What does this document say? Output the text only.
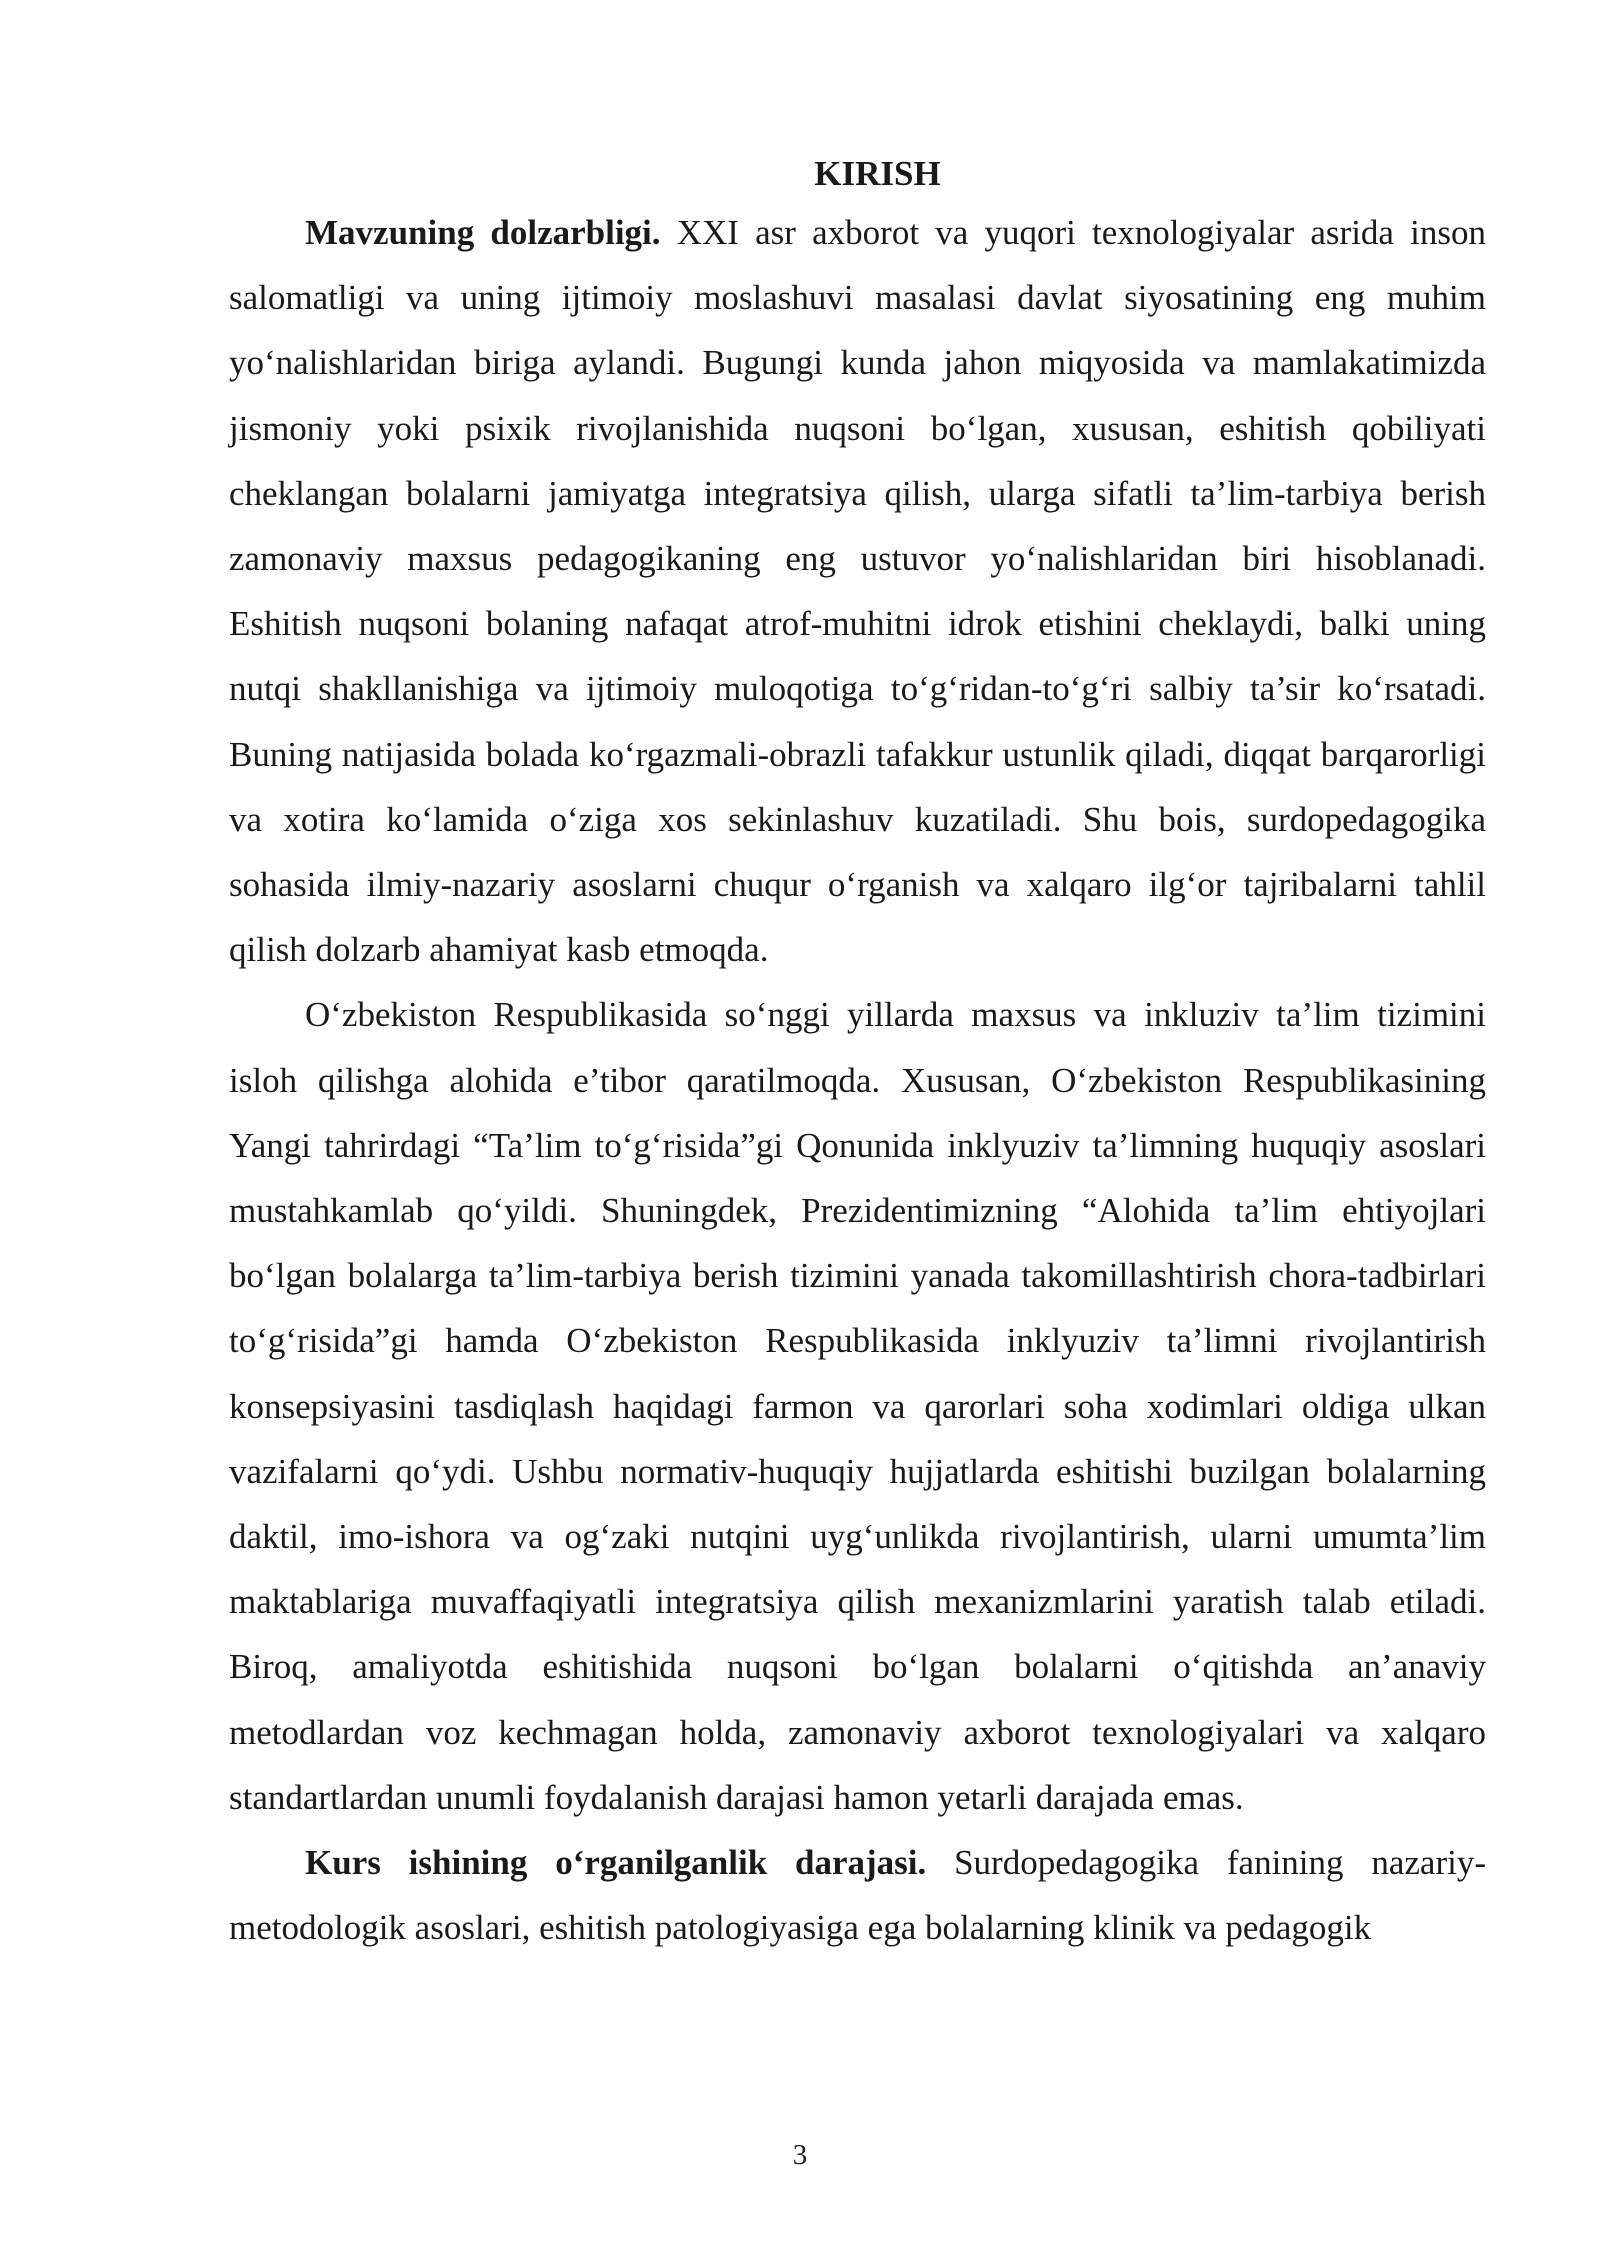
KIRISH

Mavzuning dolzarbligi. XXI asr axborot va yuqori texnologiyalar asrida inson salomatligi va uning ijtimoiy moslashuvi masalasi davlat siyosatining eng muhim yo‘nalishlaridan biriga aylandi. Bugungi kunda jahon miqyosida va mamlakatimizda jismoniy yoki psixik rivojlanishida nuqsoni bo‘lgan, xususan, eshitish qobiliyati cheklangan bolalarni jamiyatga integratsiya qilish, ularga sifatli ta’lim-tarbiya berish zamonaviy maxsus pedagogikaning eng ustuvor yo‘nalishlaridan biri hisoblanadi. Eshitish nuqsoni bolaning nafaqat atrof-muhitni idrok etishini cheklaydi, balki uning nutqi shakllanishiga va ijtimoiy muloqotiga to‘g‘ridan-to‘g‘ri salbiy ta’sir ko‘rsatadi. Buning natijasida bolada ko‘rgazmali-obrazli tafakkur ustunlik qiladi, diqqat barqarorligi va xotira ko‘lamida o‘ziga xos sekinlashuv kuzatiladi. Shu bois, surdopedagogika sohasida ilmiy-nazariy asoslarni chuqur o‘rganish va xalqaro ilg‘or tajribalarni tahlil qilish dolzarb ahamiyat kasb etmoqda.

O‘zbekiston Respublikasida so‘nggi yillarda maxsus va inkluziv ta’lim tizimini isloh qilishga alohida e’tibor qaratilmoqda. Xususan, O‘zbekiston Respublikasining Yangi tahrirdagi “Ta’lim to‘g‘risida”gi Qonunida inklyuziv ta’limning huquqiy asoslari mustahkamlab qo‘yildi. Shuningdek, Prezidentimizning “Alohida ta’lim ehtiyojlari bo‘lgan bolalarga ta’lim-tarbiya berish tizimini yanada takomillashtirish chora-tadbirlari to‘g‘risida”gi hamda O‘zbekiston Respublikasida inklyuziv ta’limni rivojlantirish konsepsiyasini tasdiqlash haqidagi farmon va qarorlari soha xodimlari oldiga ulkan vazifalarni qo‘ydi. Ushbu normativ-huquqiy hujjatlarda eshitishi buzilgan bolalarning daktil, imo-ishora va og‘zaki nutqini uyg‘unlikda rivojlantirish, ularni umumta’lim maktablariga muvaffaqiyatli integratsiya qilish mexanizmlarini yaratish talab etiladi. Biroq, amaliyotda eshitishida nuqsoni bo‘lgan bolalarni o‘qitishda an’anaviy metodlardan voz kechmagan holda, zamonaviy axborot texnologiyalari va xalqaro standartlardan unumli foydalanish darajasi hamon yetarli darajada emas.

Kurs ishining o‘rganilganlik darajasi. Surdopedagogika fanining nazariy-metodologik asoslari, eshitish patologiyasiga ega bolalarning klinik va pedagogik

3
